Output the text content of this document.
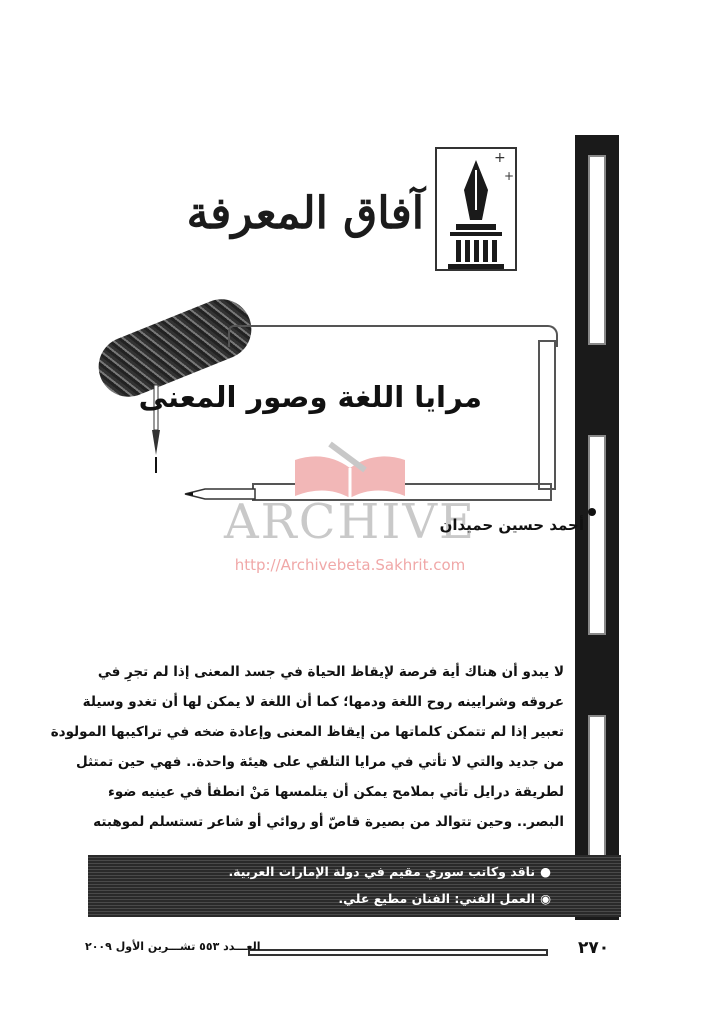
+
+
آفاق المعرفة
ARCHIVE
http://Archivebeta.Sakhrit.com
مرايا اللغة وصور المعنى
أحمد حسين حميدان
لا يبدو أن هناك أية فرصة لإيقاظ الحياة في جسد المعنى إذا لم تجرِ في
عروقه وشرايينه روح اللغة ودمها؛ كما أن اللغة لا يمكن لها أن تغدو وسيلة
تعبير إذا لم تتمكن كلماتها من إيقاظ المعنى وإعادة ضخه في تراكيبها المولودة
من جديد والتي لا تأتي في مرايا التلقي على هيئة واحدة.. فهي حين تمتثل
لطريقة درايل تأتي بملامح يمكن أن يتلمسها مَنْ انطفأ في عينيه ضوء
البصر.. وحين تتوالد من بصيرة قاصّ أو روائي أو شاعر تستسلم لموهبته
●ناقد وكاتب سوري مقيم في دولة الإمارات العربية.
◉العمل الفني: الفنان مطيع علي.
٢٧٠
العـــدد ٥٥٣ تشـــرين الأول ٢٠٠٩
